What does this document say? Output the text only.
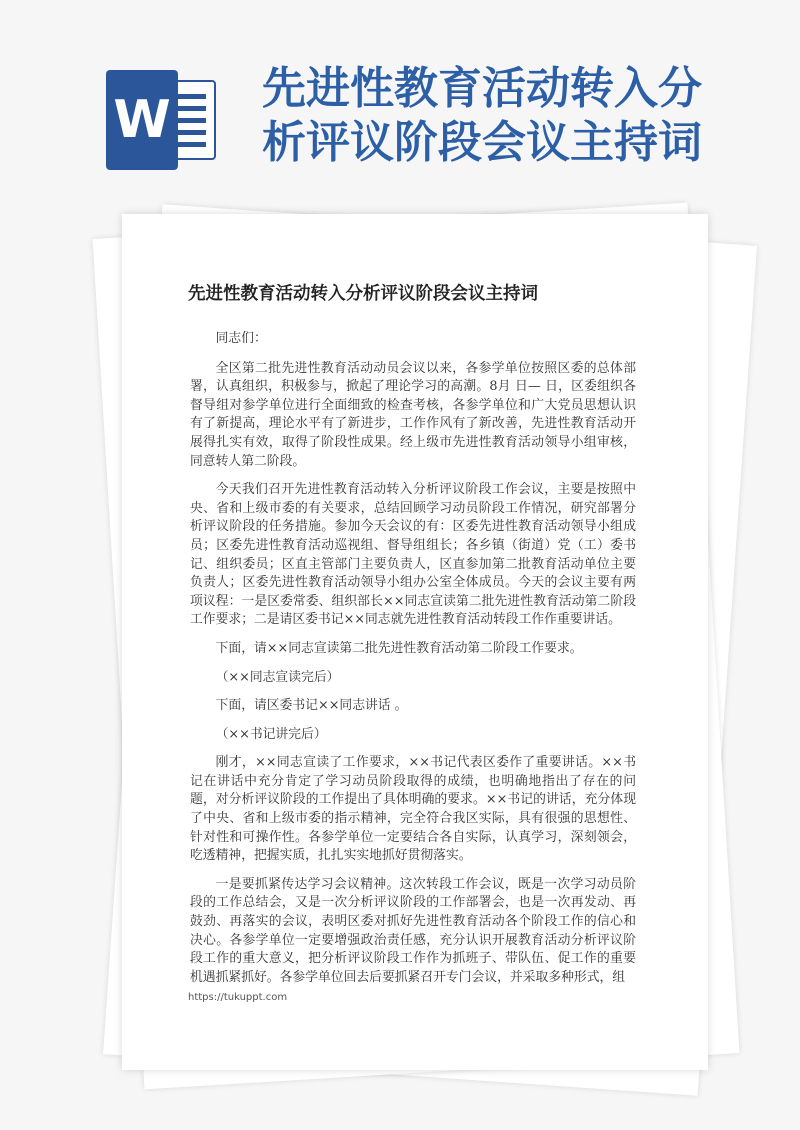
W
先进性教育活动转入分析评议阶段会议主持词
先进性教育活动转入分析评议阶段会议主持词

同志们：

全区第二批先进性教育活动动员会议以来，各参学单位按照区委的总体部署，认真组织，积极参与，掀起了理论学习的高潮。8月 日— 日，区委组织各督导组对参学单位进行全面细致的检查考核，各参学单位和广大党员思想认识有了新提高，理论水平有了新进步，工作作风有了新改善，先进性教育活动开展得扎实有效，取得了阶段性成果。经上级市先进性教育活动领导小组审核，同意转人第二阶段。

今天我们召开先进性教育活动转入分析评议阶段工作会议，主要是按照中央、省和上级市委的有关要求，总结回顾学习动员阶段工作情况，研究部署分析评议阶段的任务措施。参加今天会议的有：区委先进性教育活动领导小组成员；区委先进性教育活动巡视组、督导组组长；各乡镇（街道）党（工）委书记、组织委员；区直主管部门主要负责人，区直参加第二批教育活动单位主要负责人；区委先进性教育活动领导小组办公室全体成员。今天的会议主要有两项议程：一是区委常委、组织部长××同志宣读第二批先进性教育活动第二阶段工作要求；二是请区委书记××同志就先进性教育活动转段工作作重要讲话。

下面，请××同志宣读第二批先进性教育活动第二阶段工作要求。

（××同志宣读完后）

下面，请区委书记××同志讲话 。

（××书记讲完后）

刚才，××同志宣读了工作要求，××书记代表区委作了重要讲话。××书记在讲话中充分肯定了学习动员阶段取得的成绩，也明确地指出了存在的问题，对分析评议阶段的工作提出了具体明确的要求。××书记的讲话，充分体现了中央、省和上级市委的指示精神，完全符合我区实际，具有很强的思想性、针对性和可操作性。各参学单位一定要结合各自实际，认真学习，深刻领会，吃透精神，把握实质，扎扎实实地抓好贯彻落实。

一是要抓紧传达学习会议精神。这次转段工作会议，既是一次学习动员阶段的工作总结会，又是一次分析评议阶段的工作部署会，也是一次再发动、再鼓劲、再落实的会议，表明区委对抓好先进性教育活动各个阶段工作的信心和决心。各参学单位一定要增强政治责任感，充分认识开展教育活动分析评议阶段工作的重大意义，把分析评议阶段工作作为抓班子、带队伍、促工作的重要机遇抓紧抓好。各参学单位回去后要抓紧召开专门会议，并采取多种形式，组

https://tukuppt.com
